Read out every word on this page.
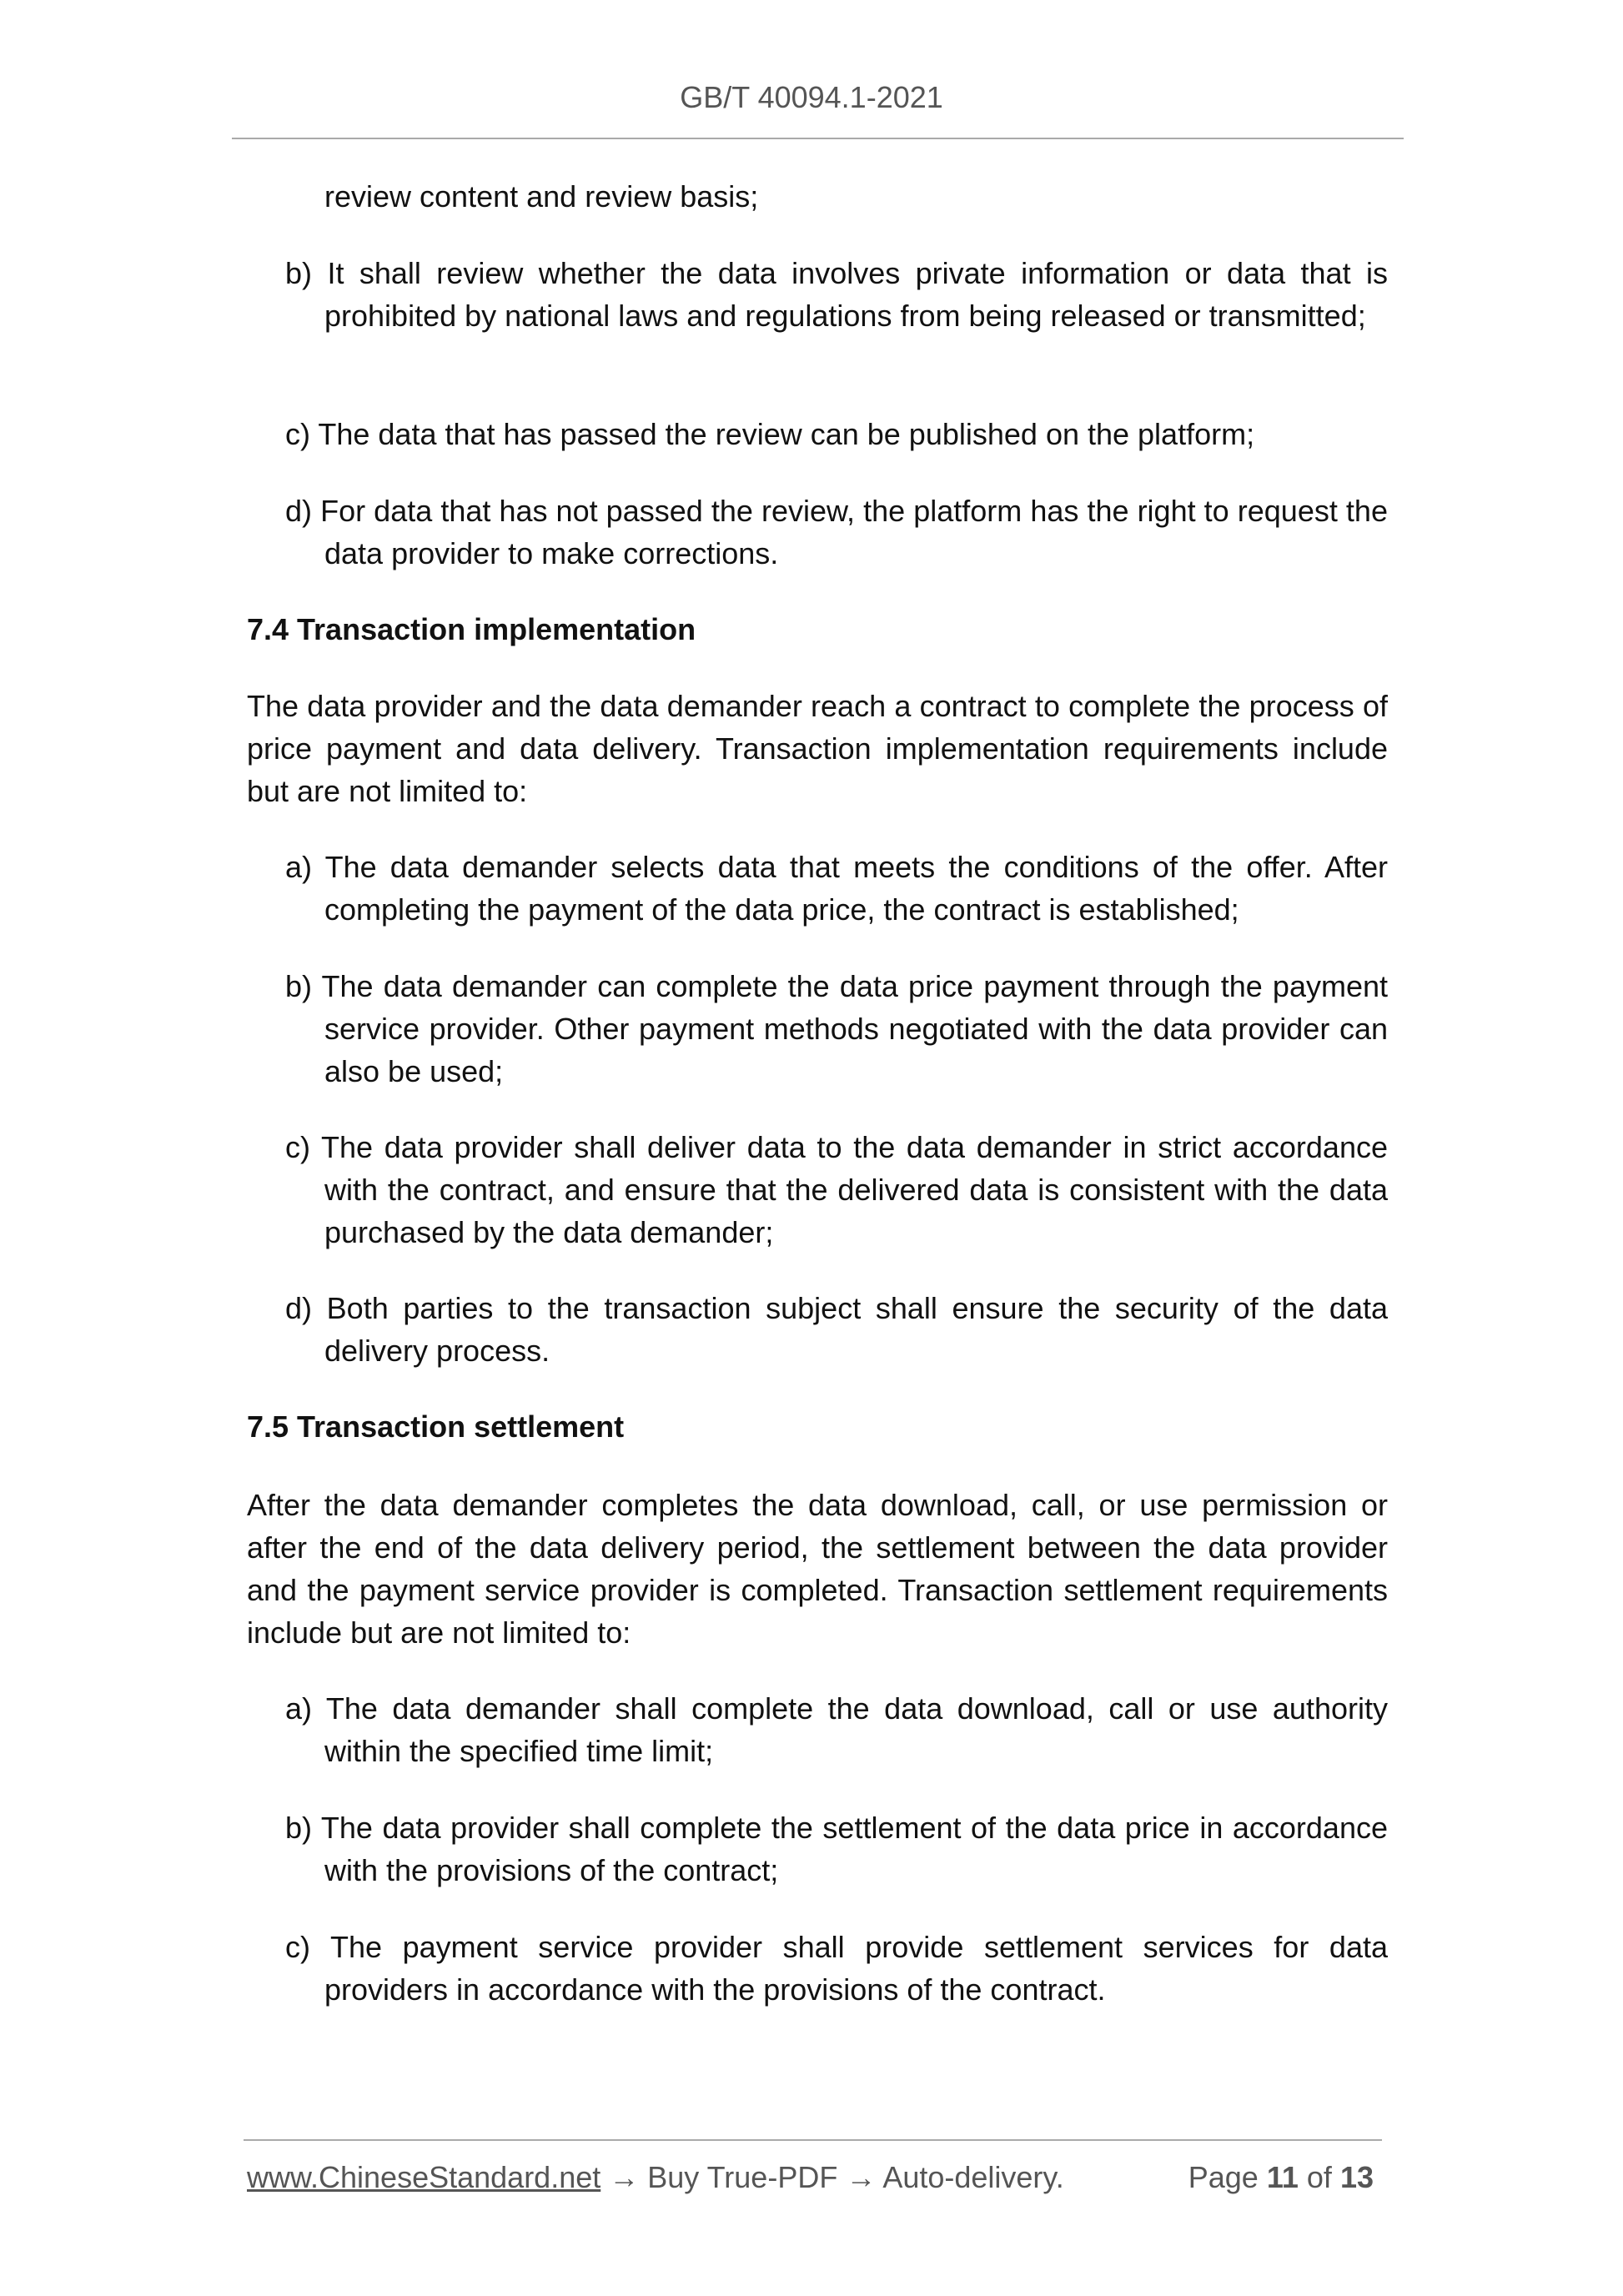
GB/T 40094.1-2021
review content and review basis;
b) It shall review whether the data involves private information or data that is prohibited by national laws and regulations from being released or transmitted;
c) The data that has passed the review can be published on the platform;
d) For data that has not passed the review, the platform has the right to request the data provider to make corrections.
7.4 Transaction implementation
The data provider and the data demander reach a contract to complete the process of price payment and data delivery. Transaction implementation requirements include but are not limited to:
a) The data demander selects data that meets the conditions of the offer. After completing the payment of the data price, the contract is established;
b) The data demander can complete the data price payment through the payment service provider. Other payment methods negotiated with the data provider can also be used;
c) The data provider shall deliver data to the data demander in strict accordance with the contract, and ensure that the delivered data is consistent with the data purchased by the data demander;
d) Both parties to the transaction subject shall ensure the security of the data delivery process.
7.5 Transaction settlement
After the data demander completes the data download, call, or use permission or after the end of the data delivery period, the settlement between the data provider and the payment service provider is completed. Transaction settlement requirements include but are not limited to:
a) The data demander shall complete the data download, call or use authority within the specified time limit;
b) The data provider shall complete the settlement of the data price in accordance with the provisions of the contract;
c) The payment service provider shall provide settlement services for data providers in accordance with the provisions of the contract.
www.ChineseStandard.net → Buy True-PDF → Auto-delivery.	Page 11 of 13
